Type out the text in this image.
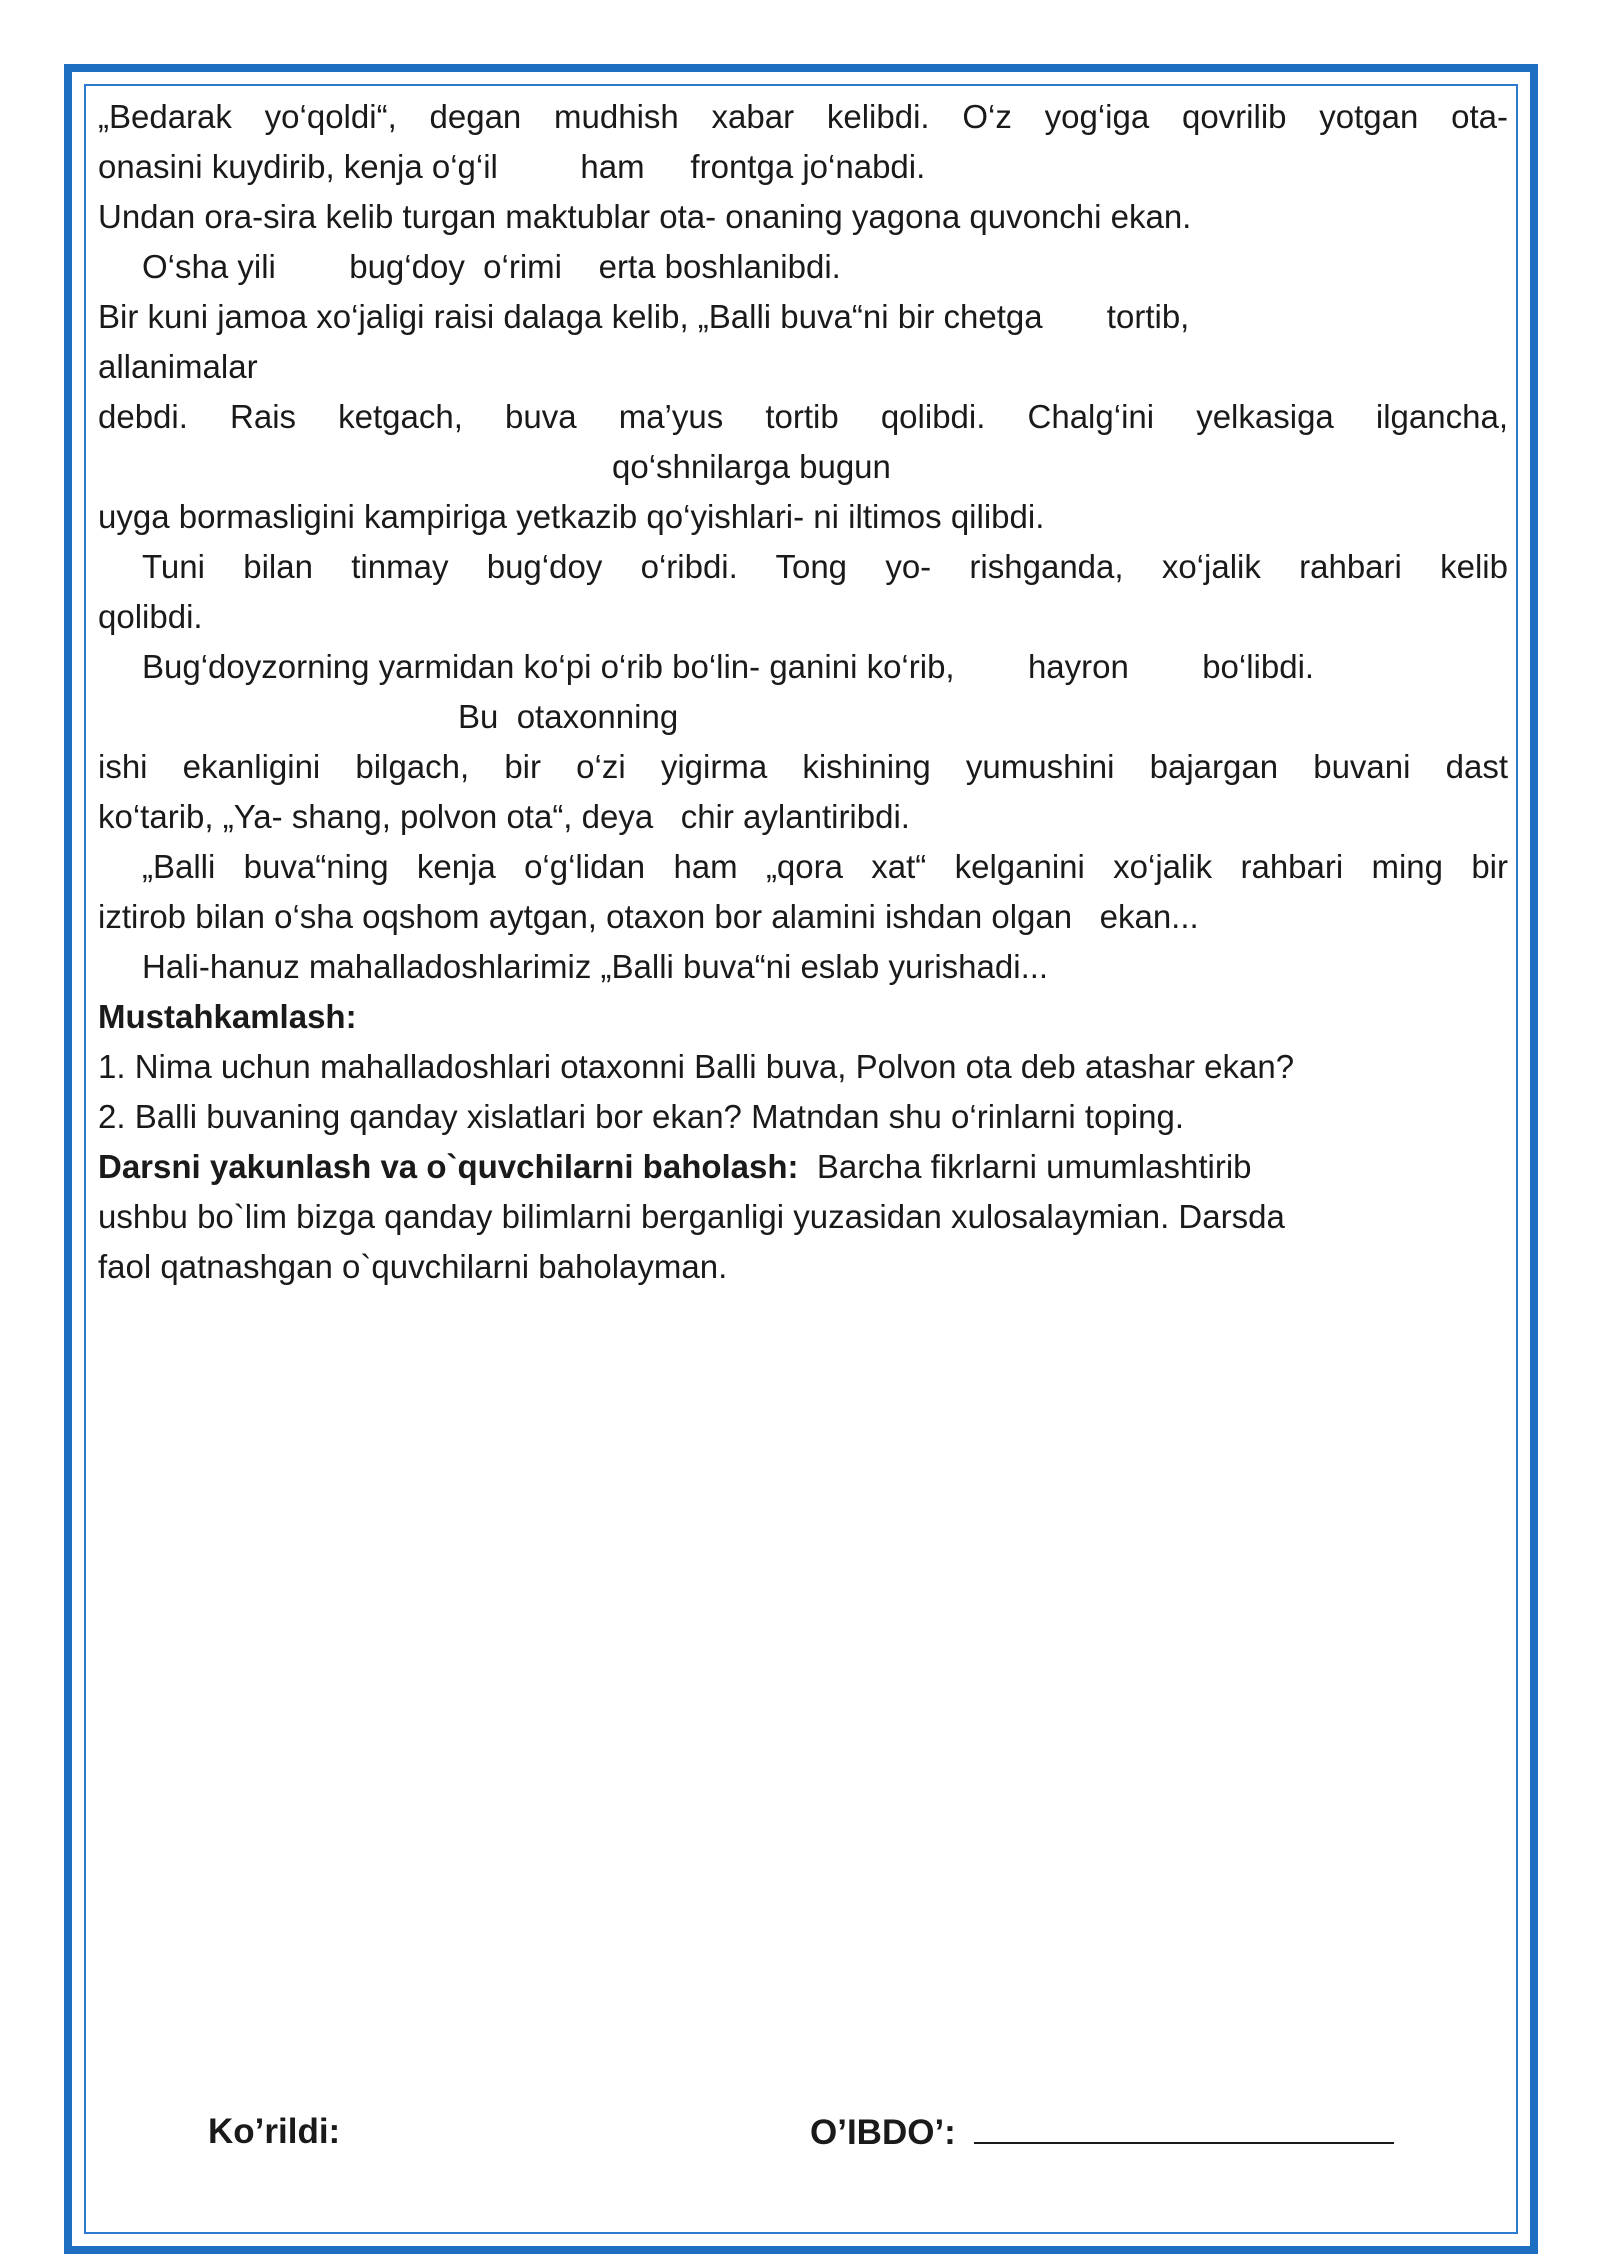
„Bedarak yo‘qoldi“, degan mudhish xabar kelibdi. O‘z yog‘iga qovrilib yotgan ota-
onasini kuydirib, kenja o‘g‘il         ham     frontga jo‘nabdi.
Undan ora-sira kelib turgan maktublar ota- onaning yagona quvonchi ekan.
O‘sha yili        bug‘doy  o‘rimi    erta boshlanibdi.
Bir kuni jamoa xo‘jaligi raisi dalaga kelib, „Balli buva“ni bir chetga       tortib,
allanimalar
debdi. Rais ketgach, buva ma’yus tortib qolibdi. Chalg‘ini yelkasiga ilgancha,
qo‘shnilarga bugun
uyga bormasligini kampiriga yetkazib qo‘yishlari- ni iltimos qilibdi.
Tuni bilan tinmay bug‘doy o‘ribdi. Tong yo- rishganda, xo‘jalik rahbari kelib
qolibdi.
Bug‘doyzorning yarmidan ko‘pi o‘rib bo‘lin- ganini ko‘rib,        hayron        bo‘libdi.
Bu  otaxonning
ishi ekanligini bilgach, bir o‘zi yigirma kishining yumushini bajargan buvani dast
ko‘tarib, „Ya- shang, polvon ota“, deya   chir aylantiribdi.
„Balli buva“ning kenja o‘g‘lidan ham „qora xat“ kelganini xo‘jalik rahbari ming bir
iztirob bilan o‘sha oqshom aytgan, otaxon bor alamini ishdan olgan   ekan...
Hali-hanuz mahalladoshlarimiz „Balli buva“ni eslab yurishadi...
Mustahkamlash:
1. Nima uchun mahalladoshlari otaxonni Balli buva, Polvon ota deb atashar ekan?
2. Balli buvaning qanday xislatlari bor ekan? Matndan shu o‘rinlarni toping.
Darsni yakunlash va o`quvchilarni baholash:  Barcha fikrlarni umumlashtirib
ushbu bo`lim bizga qanday bilimlarni berganligi yuzasidan xulosalaymian. Darsda
faol qatnashgan o`quvchilarni baholayman.
Ko’rildi:	O’IBDO’:
